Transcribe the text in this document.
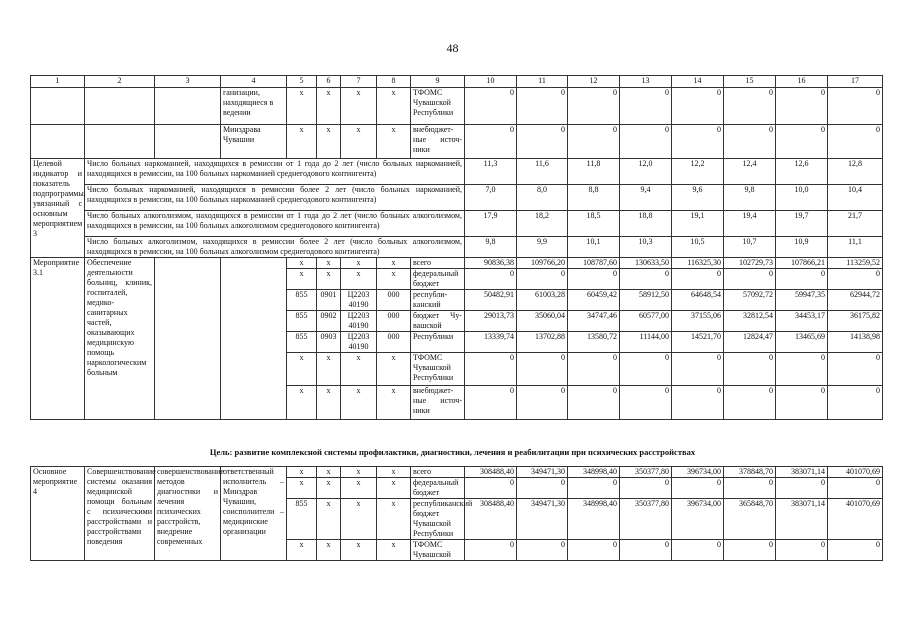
48
1	2	3	4	5	6	7	8	9	10	11	12	13	14	15	16	17
			ганизации, находящиеся в ведении	x	x	x	x	ТФОМС Чувашской Республики	0	0	0	0	0	0	0	0
			Минздрава Чувашии	x	x	x	x	внебюджет-ные источ-ники	0	0	0	0	0	0	0	0
Целевой индикатор и показатель подпрограммы, увязанный с основным мероприятием 3	Число больных наркоманией, находящихся в ремиссии от 1 года до 2 лет (число больных наркоманией, находящихся в ремиссии, на 100 больных наркоманией среднегодового контингента)								11,3	11,6	11,8	12,0	12,2	12,4	12,6	12,8
	Число больных наркоманией, находящихся в ремиссии более 2 лет (число больных наркоманией, находящихся в ремиссии, на 100 больных наркоманией среднегодового контингента)								7,0	8,0	8,8	9,4	9,6	9,8	10,0	10,4
	Число больных алкоголизмом, находящихся в ремиссии от 1 года до 2 лет (число больных алкоголизмом, находящихся в ремиссии, на 100 больных алкоголизмом среднегодового контингента)								17,9	18,2	18,5	18,8	19,1	19,4	19,7	21,7
	Число больных алкоголизмом, находящихся в ремиссии более 2 лет (число больных алкоголизмом, находящихся в ремиссии, на 100 больных алкоголизмом среднегодового контингента)								9,8	9,9	10,1	10,3	10,5	10,7	10,9	11,1
Мероприятие 3.1	Обеспечение деятельности больниц, клиник, госпиталей, медико-санитарных частей, оказывающих медицинскую помощь наркологическим больным			x	x	x	x	всего	90836,38	109766,20	108787,60	130633,50	116325,30	102729,73	107866,21	113259,52
				x	x	x	x	федеральный бюджет	0	0	0	0	0	0	0	0
				855	0901	Ц2203 40190	000	республи-канский	50482,91	61003,28	60459,42	58912,50	64648,54	57092,72	59947,35	62944,72
				855	0902	Ц2203 40190	000	бюджет Чу-вашской	29013,73	35060,04	34747,46	60577,00	37155,06	32812,54	34453,17	36175,82
				855	0903	Ц2203 40190	000	Республики	13339,74	13702,88	13580,72	11144,00	14521,70	12824,47	13465,69	14138,98
				x	x	x	x	ТФОМС Чувашской Республики	0	0	0	0	0	0	0	0
				x	x	x	x	внебюджет-ные источ-ники	0	0	0	0	0	0	0	0
Цель: развитие комплексной системы профилактики, диагностики, лечения и реабилитации при психических расстройствах
Основное мероприятие 4	Совершенствование системы оказания медицинской помощи больным с психическими расстройствами и расстройствами поведения	совершенствование методов диагностики и лечения психических расстройств, внедрение современных	ответственный исполнитель – Минздрав Чувашии, соисполнители – медицинские организации	x	x	x	x	всего	308488,40	349471,30	348998,40	350377,80	396734,00	378848,70	383071,14	401070,69
				x	x	x	x	федеральный бюджет	0	0	0	0	0	0	0	0
				855	x	x	x	республиканский бюджет Чувашской Республики	308488,40	349471,30	348998,40	350377,80	396734,00	365848,70	383071,14	401070,69
				x	x	x	x	ТФОМС Чувашской	0	0	0	0	0	0	0	0
